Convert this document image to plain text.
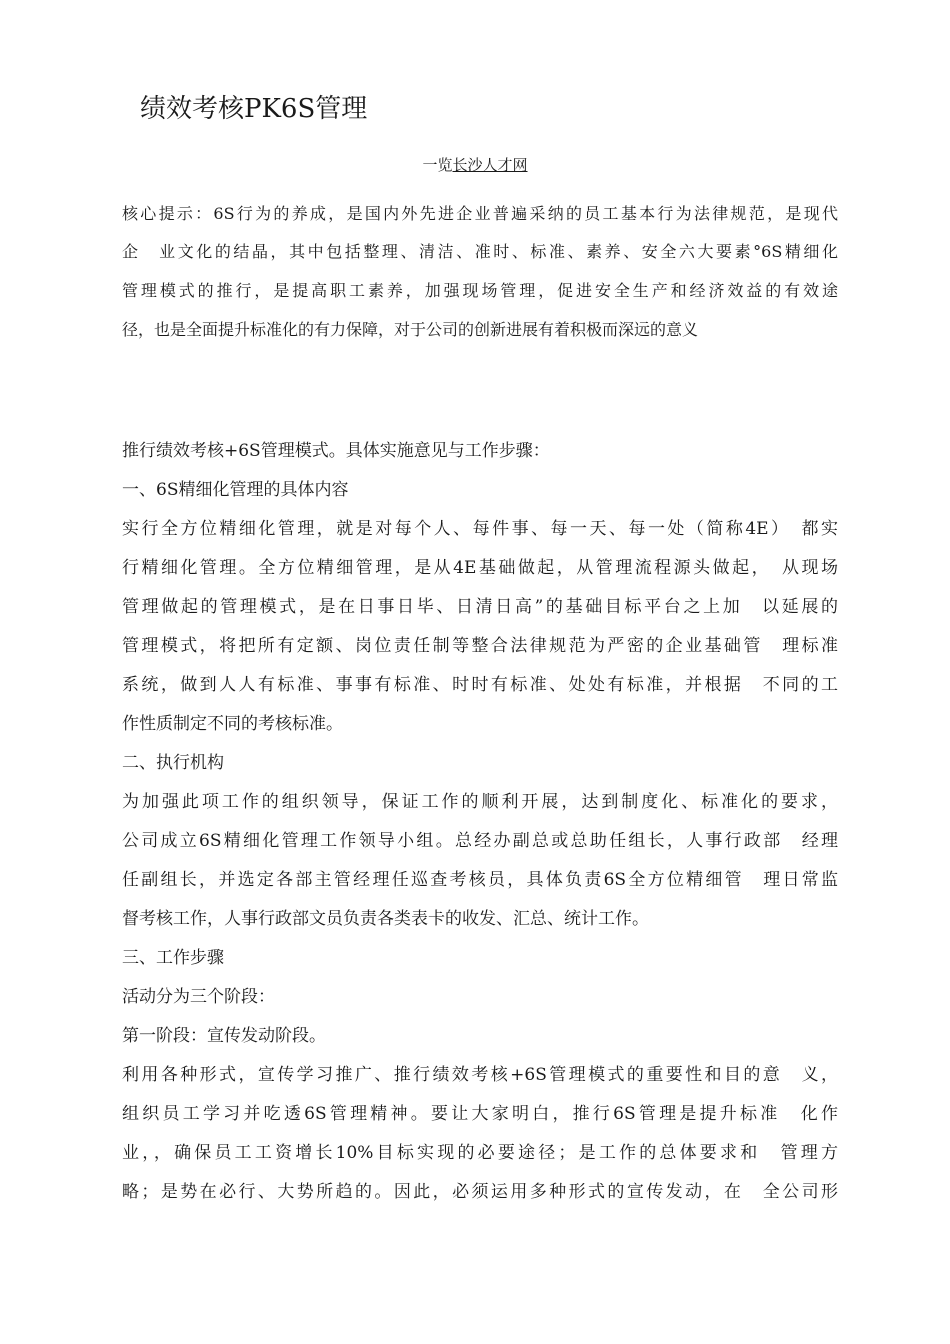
绩效考核PK6S管理
一览长沙人才网
核心提示：6S行为的养成，是国内外先进企业普遍采纳的员工基本行为法律规范，是现代
企　业文化的结晶，其中包括整理、清洁、准时、标准、素养、安全六大要素°6S精细化
管理模式的推行，是提高职工素养，加强现场管理，促进安全生产和经济效益的有效途
径，也是全面提升标准化的有力保障，对于公司的创新进展有着积极而深远的意义
推行绩效考核+6S管理模式。具体实施意见与工作步骤：
一、6S精细化管理的具体内容
实行全方位精细化管理，就是对每个人、每件事、每一天、每一处（简称4E）　都实
行精细化管理。全方位精细管理，是从4E基础做起，从管理流程源头做起，　从现场
管理做起的管理模式，是在日事日毕、日清日高”的基础目标平台之上加　以延展的
管理模式，将把所有定额、岗位责任制等整合法律规范为严密的企业基础管　理标准
系统，做到人人有标准、事事有标准、时时有标准、处处有标准，并根据　不同的工
作性质制定不同的考核标准。
二、执行机构
为加强此项工作的组织领导，保证工作的顺利开展，达到制度化、标准化的要求，
公司成立6S精细化管理工作领导小组。总经办副总或总助任组长，人事行政部　经理
任副组长，并选定各部主管经理任巡查考核员，具体负责6S全方位精细管　理日常监
督考核工作，人事行政部文员负责各类表卡的收发、汇总、统计工作。
三、工作步骤
活动分为三个阶段：
第一阶段：宣传发动阶段。
利用各种形式，宣传学习推广、推行绩效考核+6S管理模式的重要性和目的意　义，
组织员工学习并吃透6S管理精神。要让大家明白，推行6S管理是提升标准　化作
业，，确保员工工资增长10%目标实现的必要途径；是工作的总体要求和　管理方
略；是势在必行、大势所趋的。因此，必须运用多种形式的宣传发动，在　全公司形
